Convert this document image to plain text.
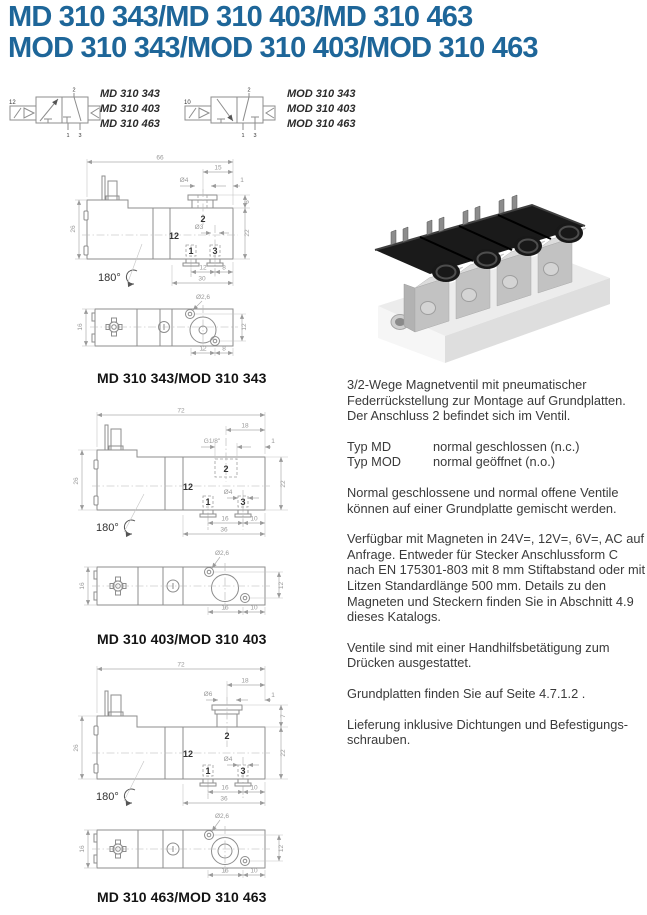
MD 310 343/MD 310 403/MD 310 463
MOD 310 343/MOD 310 403/MOD 310 463
12
2
1 3
MD 310 343
MD 310 403
MD 310 463
10
2
1 3
MOD 310 343
MOD 310 403
MOD 310 463
66
15
Ø4	1
6
22
26
2
Ø3
12
1 3
12 8
30
180°
Ø2,6
16	12
12 8
MD 310 343/MOD 310 343
72
18
G1/8"	1
22
26
2
12
Ø4
1	3
16	10
36
180°
Ø2,6
16	12
16	10
MD 310 403/MOD 310 403
72
18
Ø6	1
7
22
26
2
12
Ø4
1	3
16	10
36
180°
Ø2,6
16	12
16	10
MD 310 463/MOD 310 463

3/2-Wege Magnetventil mit pneumatischer Federrückstellung zur Montage auf Grundplatten. Der Anschluss 2 befindet sich im Ventil.

Typ MD	normal geschlossen (n.c.)
Typ MOD	normal geöffnet (n.o.)

Normal geschlossene und normal offene Ventile können auf einer Grundplatte gemischt werden.

Verfügbar mit Magneten in 24V=, 12V=, 6V=, AC auf Anfrage. Entweder für Stecker Anschlussform C nach EN 175301-803 mit 8 mm Stiftabstand oder mit Litzen Standardlänge 500 mm. Details zu den Magneten und Steckern finden Sie in Abschnitt 4.9 dieses Katalogs.

Ventile sind mit einer Handhilfsbetätigung zum Drücken ausgestattet.

Grundplatten finden Sie auf Seite 4.7.1.2 .

Lieferung inklusive Dichtungen und Befestigungs-schrauben.
